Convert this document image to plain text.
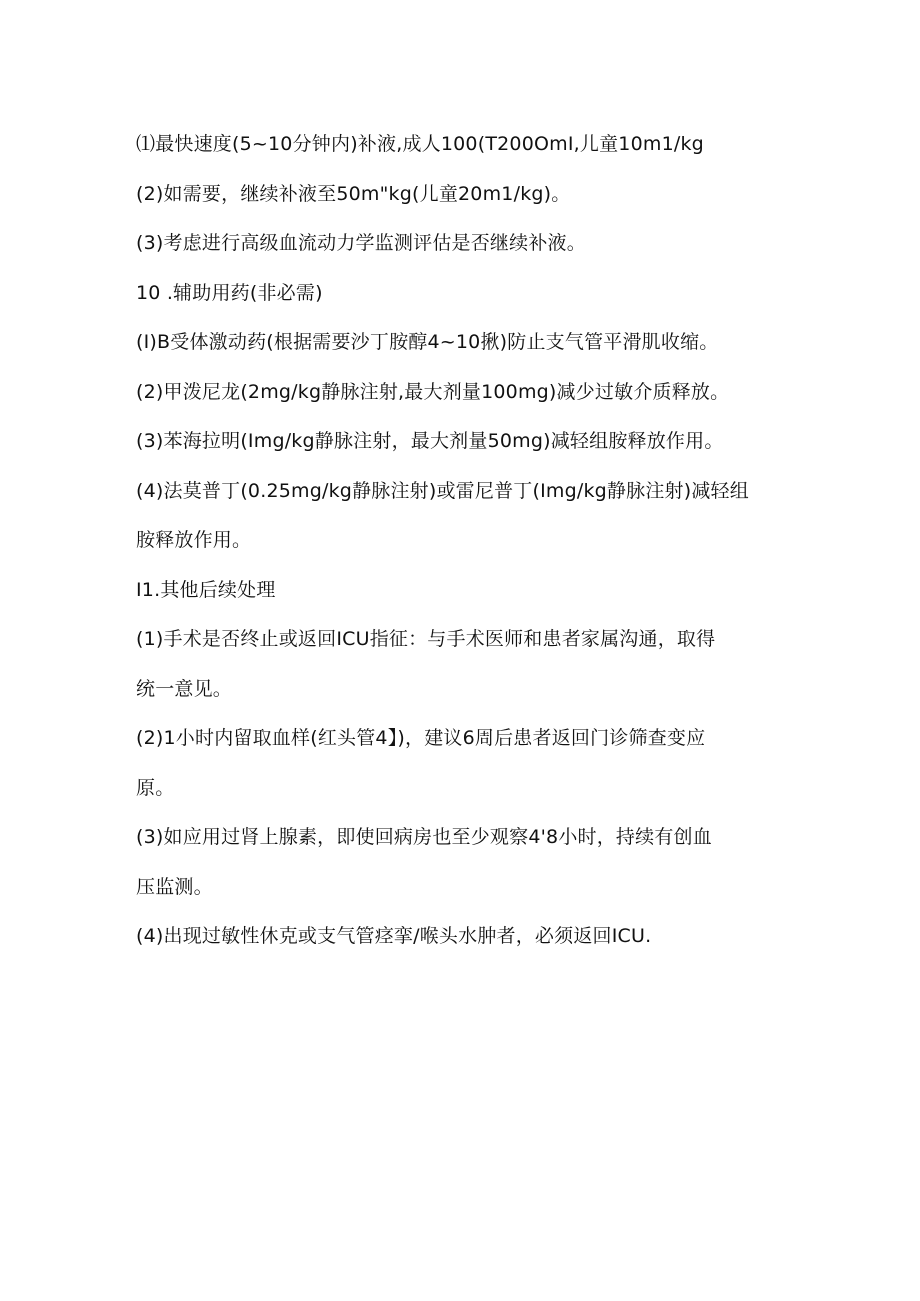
⑴最快速度(5~10分钟内)补液,成人100(T200OmI,儿童10m1∕kg
(2)如需要，继续补液至50m"kg(儿童20m1∕kg)。
(3)考虑进行高级血流动力学监测评估是否继续补液。
10 .辅助用药(非必需)
(I)B受体激动药(根据需要沙丁胺醇4~10揪)防止支气管平滑肌收缩。
(2)甲泼尼龙(2mg∕kg静脉注射,最大剂量100mg)减少过敏介质释放。
(3)苯海拉明(Img∕kg静脉注射，最大剂量50mg)减轻组胺释放作用。
(4)法莫普丁(0.25mg∕kg静脉注射)或雷尼普丁(Img∕kg静脉注射)减轻组
胺释放作用。
I1.其他后续处理
(1)手术是否终止或返回ICU指征：与手术医师和患者家属沟通，取得
统一意见。
(2)1小时内留取血样(红头管4】)，建议6周后患者返回门诊筛查变应
原。
(3)如应用过肾上腺素，即使回病房也至少观察4'8小时，持续有创血
压监测。
(4)出现过敏性休克或支气管痉挛/喉头水肿者，必须返回ICU.
